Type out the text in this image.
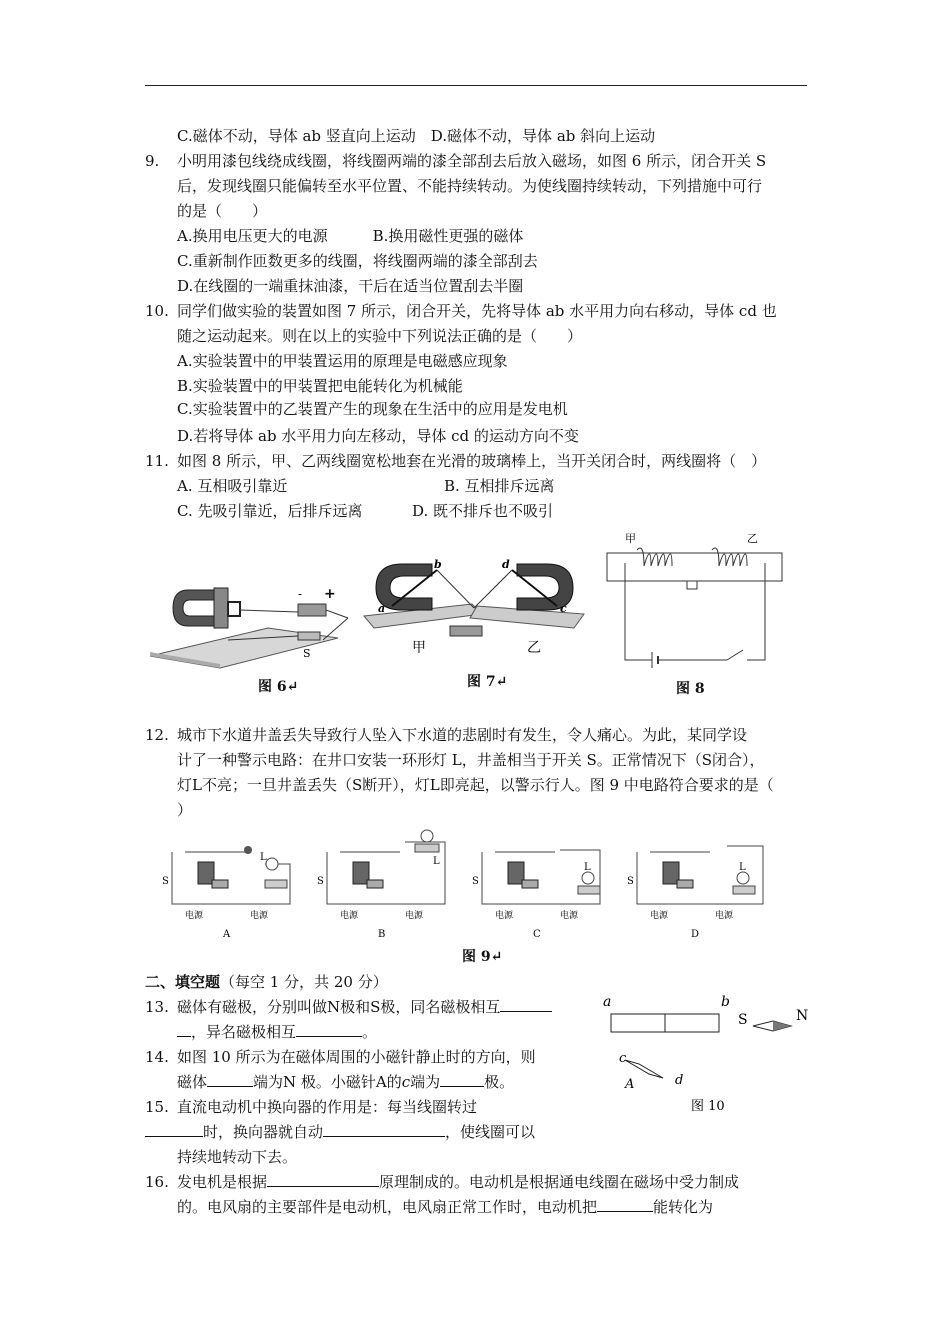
C.磁体不动，导体 ab 竖直向上运动　D.磁体不动，导体 ab 斜向上运动
9. 小明用漆包线绕成线圈，将线圈两端的漆全部刮去后放入磁场，如图 6 所示，闭合开关 S
后，发现线圈只能偏转至水平位置、不能持续转动。为使线圈持续转动，下列措施中可行
的是（　　）
A.换用电压更大的电源　　　B.换用磁性更强的磁体
C.重新制作匝数更多的线圈，将线圈两端的漆全部刮去
D.在线圈的一端重抹油漆，干后在适当位置刮去半圈
10. 同学们做实验的装置如图 7 所示，闭合开关，先将导体 ab 水平用力向右移动，导体 cd 也
随之运动起来。则在以上的实验中下列说法正确的是（　　）
A.实验装置中的甲装置运用的原理是电磁感应现象
B.实验装置中的甲装置把电能转化为机械能
C.实验装置中的乙装置产生的现象在生活中的应用是发电机
D.若将导体 ab 水平用力向左移动，导体 cd 的运动方向不变
11. 如图 8 所示，甲、乙两线圈宽松地套在光滑的玻璃棒上，当开关闭合时，两线圈将（　）
A. 互相吸引靠近	B. 互相排斥远离
C. 先吸引靠近，后排斥远离	D. 既不排斥也不吸引
- +
S
图 6↵
a
b
c
d
甲	乙
图 7↵
甲	乙
图 8
12. 城市下水道井盖丢失导致行人坠入下水道的悲剧时有发生，令人痛心。为此，某同学设
计了一种警示电路：在井口安装一环形灯 L，井盖相当于开关 S。正常情况下（S闭合），
灯L不亮；一旦井盖丢失（S断开），灯L即亮起，以警示行人。图 9 中电路符合要求的是（
）
S
L
电源	电源
A
S
L
电源	电源
B
S
L
电源	电源
C
S
L
电源	电源
D
图 9↵
二、填空题（每空 1 分，共 20 分）
13. 磁体有磁极，分别叫做N极和S极，同名磁极相互
，异名磁极相互	。
14. 如图 10 所示为在磁体周围的小磁针静止时的方向，则
磁体	端为N 极。小磁针A的c端为	极。
15. 直流电动机中换向器的作用是：每当线圈转过
时，换向器就自动	，使线圈可以
持续地转动下去。
16. 发电机是根据	原理制成的。电动机是根据通电线圈在磁场中受力制成
的。电风扇的主要部件是电动机，电风扇正常工作时，电动机把	能转化为
a	b
S	N
c
A	d
图 10
